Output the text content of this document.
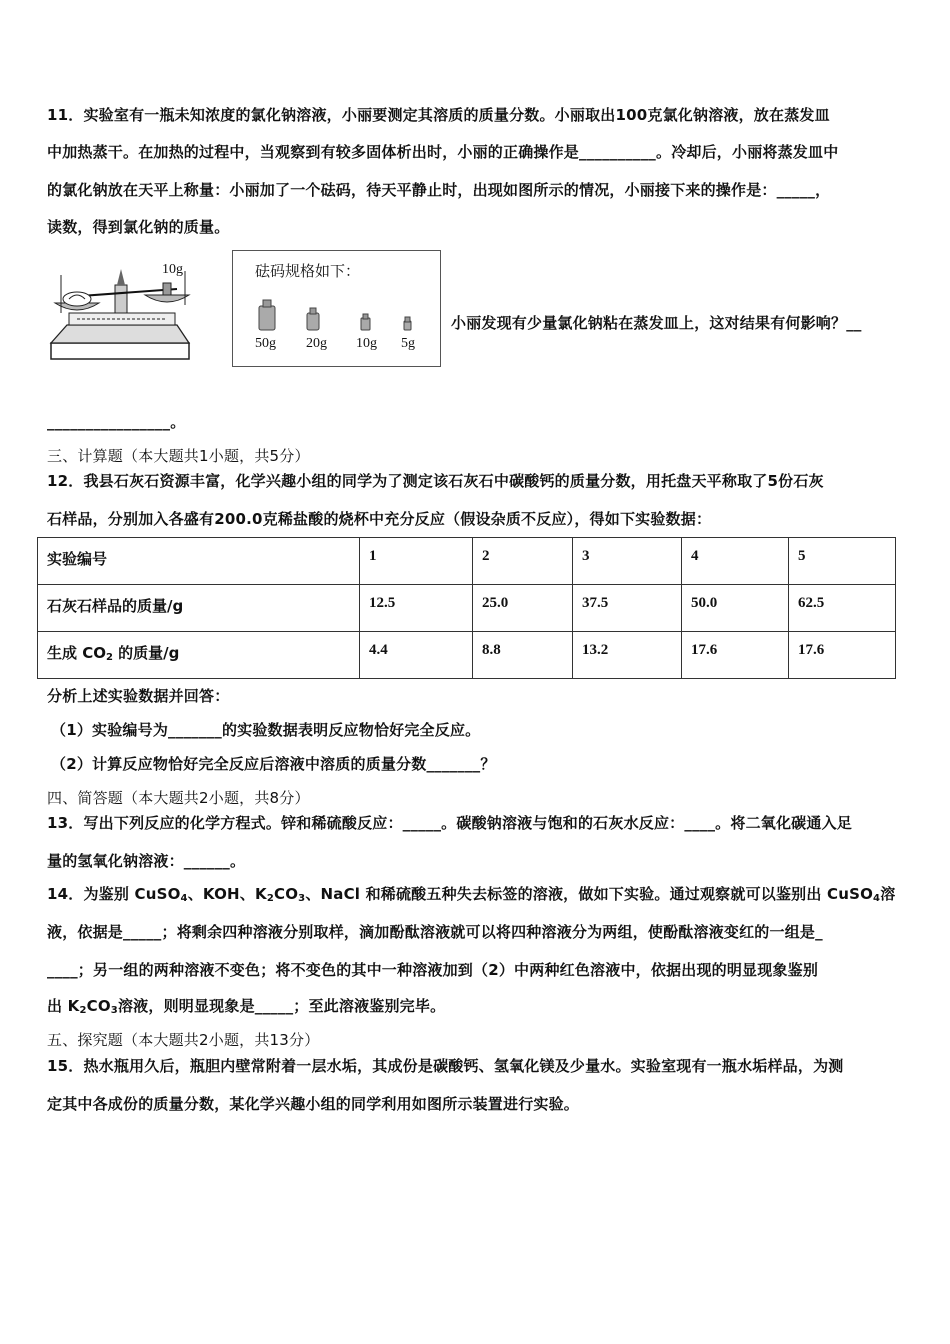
11．实验室有一瓶未知浓度的氯化钠溶液，小丽要测定其溶质的质量分数。小丽取出100克氯化钠溶液，放在蒸发皿
中加热蒸干。在加热的过程中，当观察到有较多固体析出时，小丽的正确操作是__________。冷却后，小丽将蒸发皿中
的氯化钠放在天平上称量：小丽加了一个砝码，待天平静止时，出现如图所示的情况，小丽接下来的操作是：_____，
读数，得到氯化钠的质量。
10g	砝码规格如下：
50g 20g 10g 5g
小丽发现有少量氯化钠粘在蒸发皿上，这对结果有何影响？__
________________。
三、计算题（本大题共1小题，共5分）
12．我县石灰石资源丰富，化学兴趣小组的同学为了测定该石灰石中碳酸钙的质量分数，用托盘天平称取了5份石灰
石样品，分别加入各盛有200.0克稀盐酸的烧杯中充分反应（假设杂质不反应），得如下实验数据：
实验编号	1	2	3	4	5
石灰石样品的质量/g	12.5	25.0	37.5	50.0	62.5
生成 $CO_2$ 的质量/g	4.4	8.8	13.2	17.6	17.6
分析上述实验数据并回答：
（1）实验编号为_______的实验数据表明反应物恰好完全反应。
（2）计算反应物恰好完全反应后溶液中溶质的质量分数_______？
四、简答题（本大题共2小题，共8分）
13．写出下列反应的化学方程式。锌和稀硫酸反应：_____。碳酸钠溶液与饱和的石灰水反应：____。将二氧化碳通入足
量的氢氧化钠溶液：______。
14．为鉴别 CuSO$_4$、KOH、$K_2CO_3$、NaCl 和稀硫酸五种失去标签的溶液，做如下实验。通过观察就可以鉴别出 CuSO$_4$溶
液，依据是_____；将剩余四种溶液分别取样，滴加酚酞溶液就可以将四种溶液分为两组，使酚酞溶液变红的一组是_
____；另一组的两种溶液不变色；将不变色的其中一种溶液加到（2）中两种红色溶液中，依据出现的明显现象鉴别
出 $K_2CO_3$溶液，则明显现象是_____；至此溶液鉴别完毕。
五、探究题（本大题共2小题，共13分）
15．热水瓶用久后，瓶胆内壁常附着一层水垢，其成份是碳酸钙、氢氧化镁及少量水。实验室现有一瓶水垢样品，为测
定其中各成份的质量分数，某化学兴趣小组的同学利用如图所示装置进行实验。
